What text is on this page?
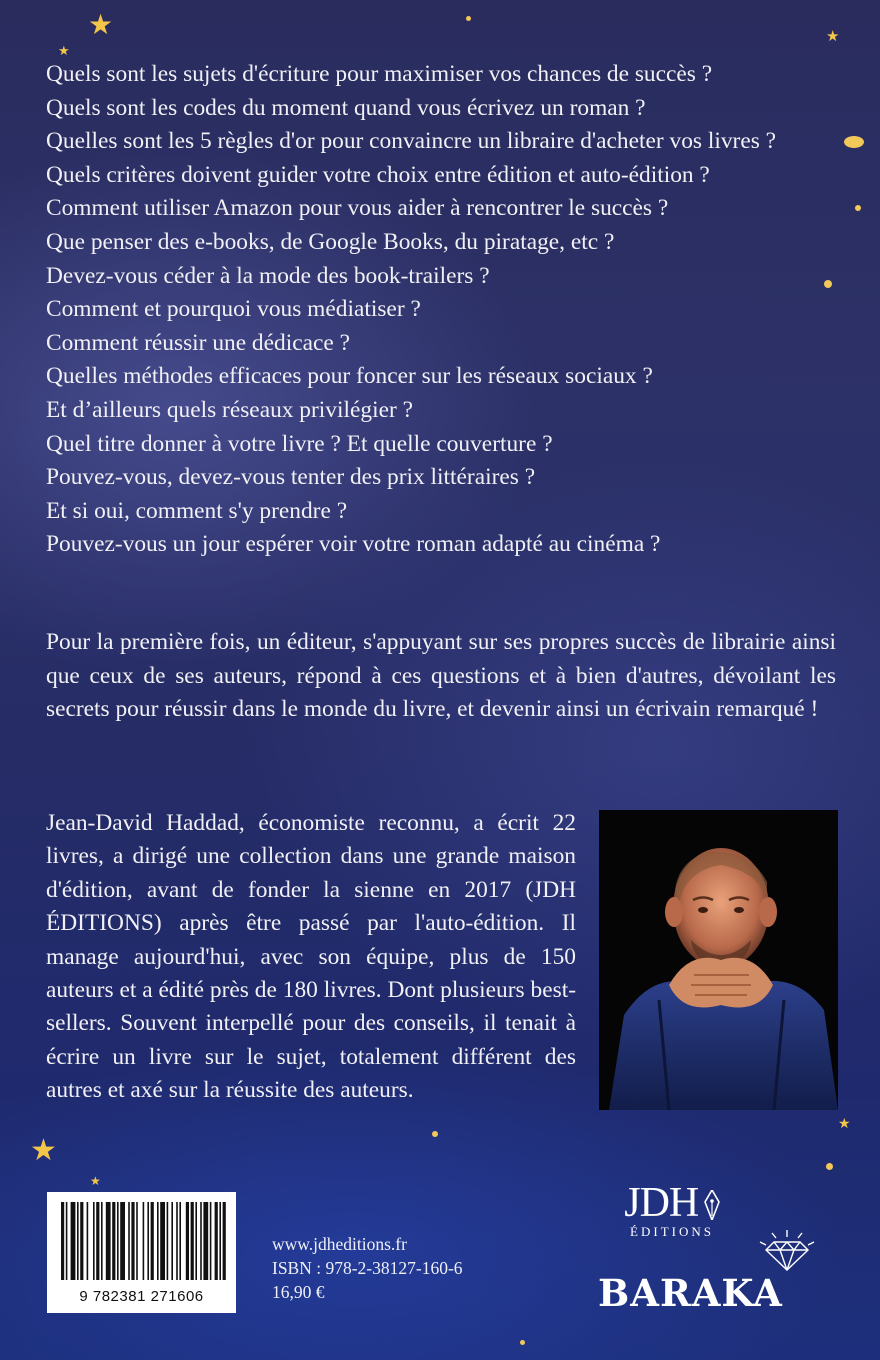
★
★
★
★
★
★
Quels sont les sujets d'écriture pour maximiser vos chances de succès ?
Quels sont les codes du moment quand vous écrivez un roman ?
Quelles sont les 5 règles d'or pour convaincre un libraire d'acheter vos livres ?
Quels critères doivent guider votre choix entre édition et auto-édition ?
Comment utiliser Amazon pour vous aider à rencontrer le succès ?
Que penser des e-books, de Google Books, du piratage, etc ?
Devez-vous céder à la mode des book-trailers ?
Comment et pourquoi vous médiatiser ?
Comment réussir une dédicace ?
Quelles méthodes efficaces pour foncer sur les réseaux sociaux ?
Et d’ailleurs quels réseaux privilégier ?
Quel titre donner à votre livre ? Et quelle couverture ?
Pouvez-vous, devez-vous tenter des prix littéraires ?
Et si oui, comment s'y prendre ?
Pouvez-vous un jour espérer voir votre roman adapté au cinéma ?

Pour la première fois, un éditeur, s'appuyant sur ses propres succès de librairie ainsi que ceux de ses auteurs, répond à ces questions et à bien d'autres, dévoilant les secrets pour réussir dans le monde du livre, et devenir ainsi un écrivain remarqué !

Jean-David Haddad, économiste reconnu, a écrit 22 livres, a dirigé une collection dans une grande maison d'édition, avant de fonder la sienne en 2017 (JDH ÉDITIONS) après être passé par l'auto-édition. Il manage aujourd'hui, avec son équipe, plus de 150 auteurs et a édité près de 180 livres. Dont plusieurs best-sellers. Souvent interpellé pour des conseils, il tenait à écrire un livre sur le sujet, totalement différent des autres et axé sur la réussite des auteurs.

9 782381 271606
www.jdheditions.fr
ISBN : 978-2-38127-160-6
16,90 €
JDH
ÉDITIONS
BARAKA
